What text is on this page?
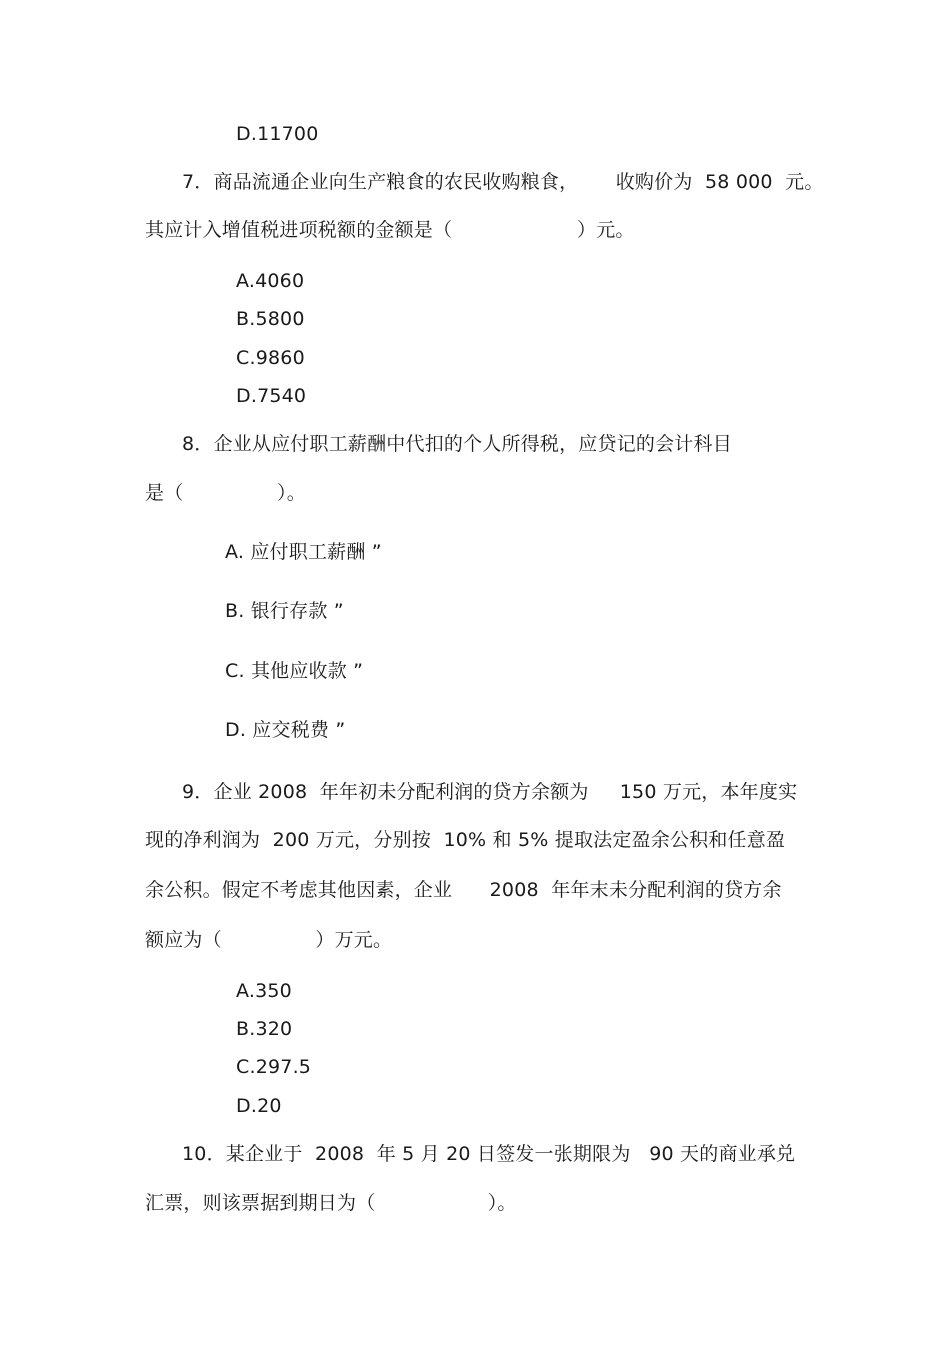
D.11700
7．商品流通企业向生产粮食的农民收购粮食，      收购价为  58 000  元。
其应计入增值税进项税额的金额是（                    ）元。
A.4060
B.5800
C.9860
D.7540
8．企业从应付职工薪酬中代扣的个人所得税，应贷记的会计科目
是（               ）。
A. 应付职工薪酬 ”
B. 银行存款 ”
C. 其他应收款 ”
D. 应交税费 ”
9．企业 2008  年年初未分配利润的贷方余额为     150 万元，本年度实
现的净利润为  200 万元，分别按  10% 和 5% 提取法定盈余公积和任意盈
余公积。假定不考虑其他因素，企业      2008  年年末未分配利润的贷方余
额应为（               ）万元。
A.350
B.320
C.297.5
D.20
10．某企业于  2008  年 5 月 20 日签发一张期限为   90 天的商业承兑
汇票，则该票据到期日为（                  ）。
